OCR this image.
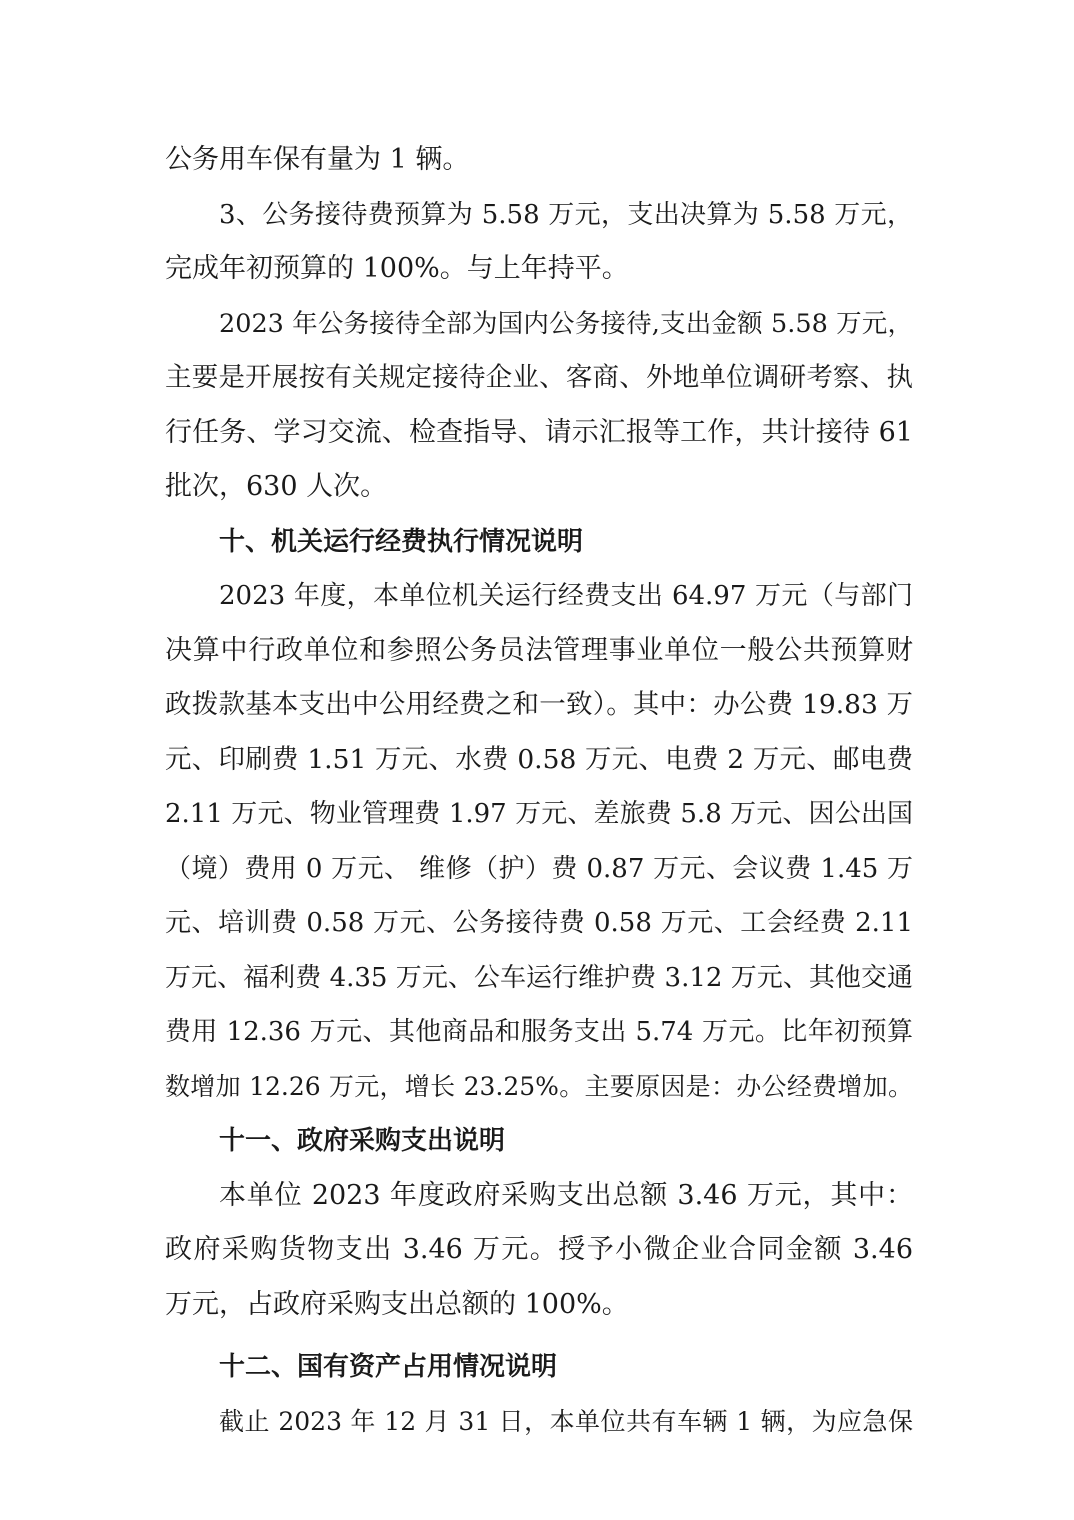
公务用车保有量为 1 辆。
3、公务接待费预算为 5.58 万元，支出决算为 5.58 万元，
完成年初预算的 100%。与上年持平。
2023 年公务接待全部为国内公务接待,支出金额 5.58 万元，
主要是开展按有关规定接待企业、客商、外地单位调研考察、执
行任务、学习交流、检查指导、请示汇报等工作，共计接待 61
批次，630 人次。
十、机关运行经费执行情况说明
2023 年度，本单位机关运行经费支出 64.97 万元（与部门
决算中行政单位和参照公务员法管理事业单位一般公共预算财
政拨款基本支出中公用经费之和一致）。其中：办公费 19.83 万
元、印刷费 1.51 万元、水费 0.58 万元、电费 2 万元、邮电费
2.11 万元、物业管理费 1.97 万元、差旅费 5.8 万元、因公出国
（境）费用 0 万元、 维修（护）费 0.87 万元、会议费 1.45 万
元、培训费 0.58 万元、公务接待费 0.58 万元、工会经费 2.11
万元、福利费 4.35 万元、公车运行维护费 3.12 万元、其他交通
费用 12.36 万元、其他商品和服务支出 5.74 万元。比年初预算
数增加 12.26 万元，增长 23.25%。主要原因是：办公经费增加。
十一、政府采购支出说明
本单位 2023 年度政府采购支出总额 3.46 万元，其中：
政府采购货物支出 3.46 万元。授予小微企业合同金额 3.46
万元，占政府采购支出总额的 100%。
十二、国有资产占用情况说明
截止 2023 年 12 月 31 日，本单位共有车辆 1 辆，为应急保
